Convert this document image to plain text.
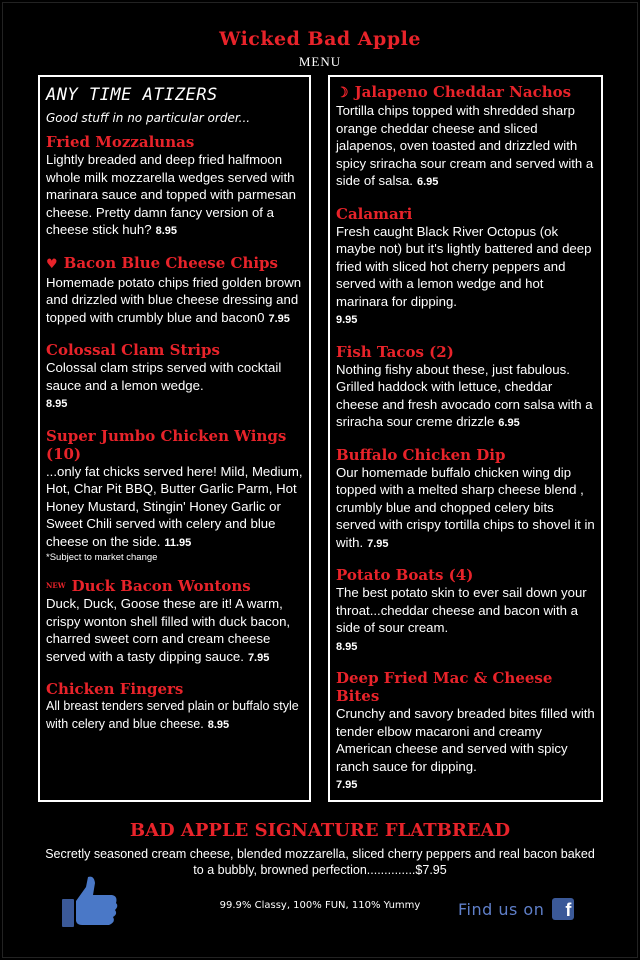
Wicked Bad Apple
MENU
ANY TIME ATIZERS
Good stuff in no particular order...
Fried Mozzalunas
Lightly breaded and deep fried halfmoon whole milk mozzarella wedges served with marinara sauce and topped with parmesan cheese. Pretty damn fancy version of a cheese stick huh? 8.95
♥ Bacon Blue Cheese Chips
Homemade potato chips fried golden brown and drizzled with blue cheese dressing and topped with crumbly blue and bacon0 7.95
Colossal Clam Strips
Colossal clam strips served with cocktail sauce and a lemon wedge.
8.95
Super Jumbo Chicken Wings (10)
...only fat chicks served here! Mild, Medium, Hot, Char Pit BBQ, Butter Garlic Parm, Hot Honey Mustard, Stingin' Honey Garlic or Sweet Chili served with celery and blue cheese on the side. 11.95
*Subject to market change
$^{NEW}$ Duck Bacon Wontons
Duck, Duck, Goose these are it! A warm, crispy wonton shell filled with duck bacon, charred sweet corn and cream cheese served with a tasty dipping sauce. 7.95
Chicken Fingers
All breast tenders served plain or buffalo style with celery and blue cheese. 8.95
☽ Jalapeno Cheddar Nachos
Tortilla chips topped with shredded sharp orange cheddar cheese and sliced jalapenos, oven toasted and drizzled with spicy sriracha sour cream and served with a side of salsa. 6.95
Calamari
Fresh caught Black River Octopus (ok maybe not) but it's lightly battered and deep fried with sliced hot cherry peppers and served with a lemon wedge and hot marinara for dipping.
9.95
Fish Tacos (2)
Nothing fishy about these, just fabulous. Grilled haddock with lettuce, cheddar cheese and fresh avocado corn salsa with a sriracha sour creme drizzle 6.95
Buffalo Chicken Dip
Our homemade buffalo chicken wing dip topped with a melted sharp cheese blend , crumbly blue and chopped celery bits served with crispy tortilla chips to shovel it in with. 7.95
Potato Boats (4)
The best potato skin to ever sail down your throat...cheddar cheese and bacon with a side of sour cream.
8.95
Deep Fried Mac & Cheese Bites
Crunchy and savory breaded bites filled with tender elbow macaroni and creamy American cheese and served with spicy ranch sauce for dipping.
7.95
BAD APPLE SIGNATURE FLATBREAD
Secretly seasoned cream cheese, blended mozzarella, sliced cherry peppers and real bacon baked to a bubbly, browned perfection..............$7.95
99.9% Classy, 100% FUN, 110% Yummy	Find us on	f
